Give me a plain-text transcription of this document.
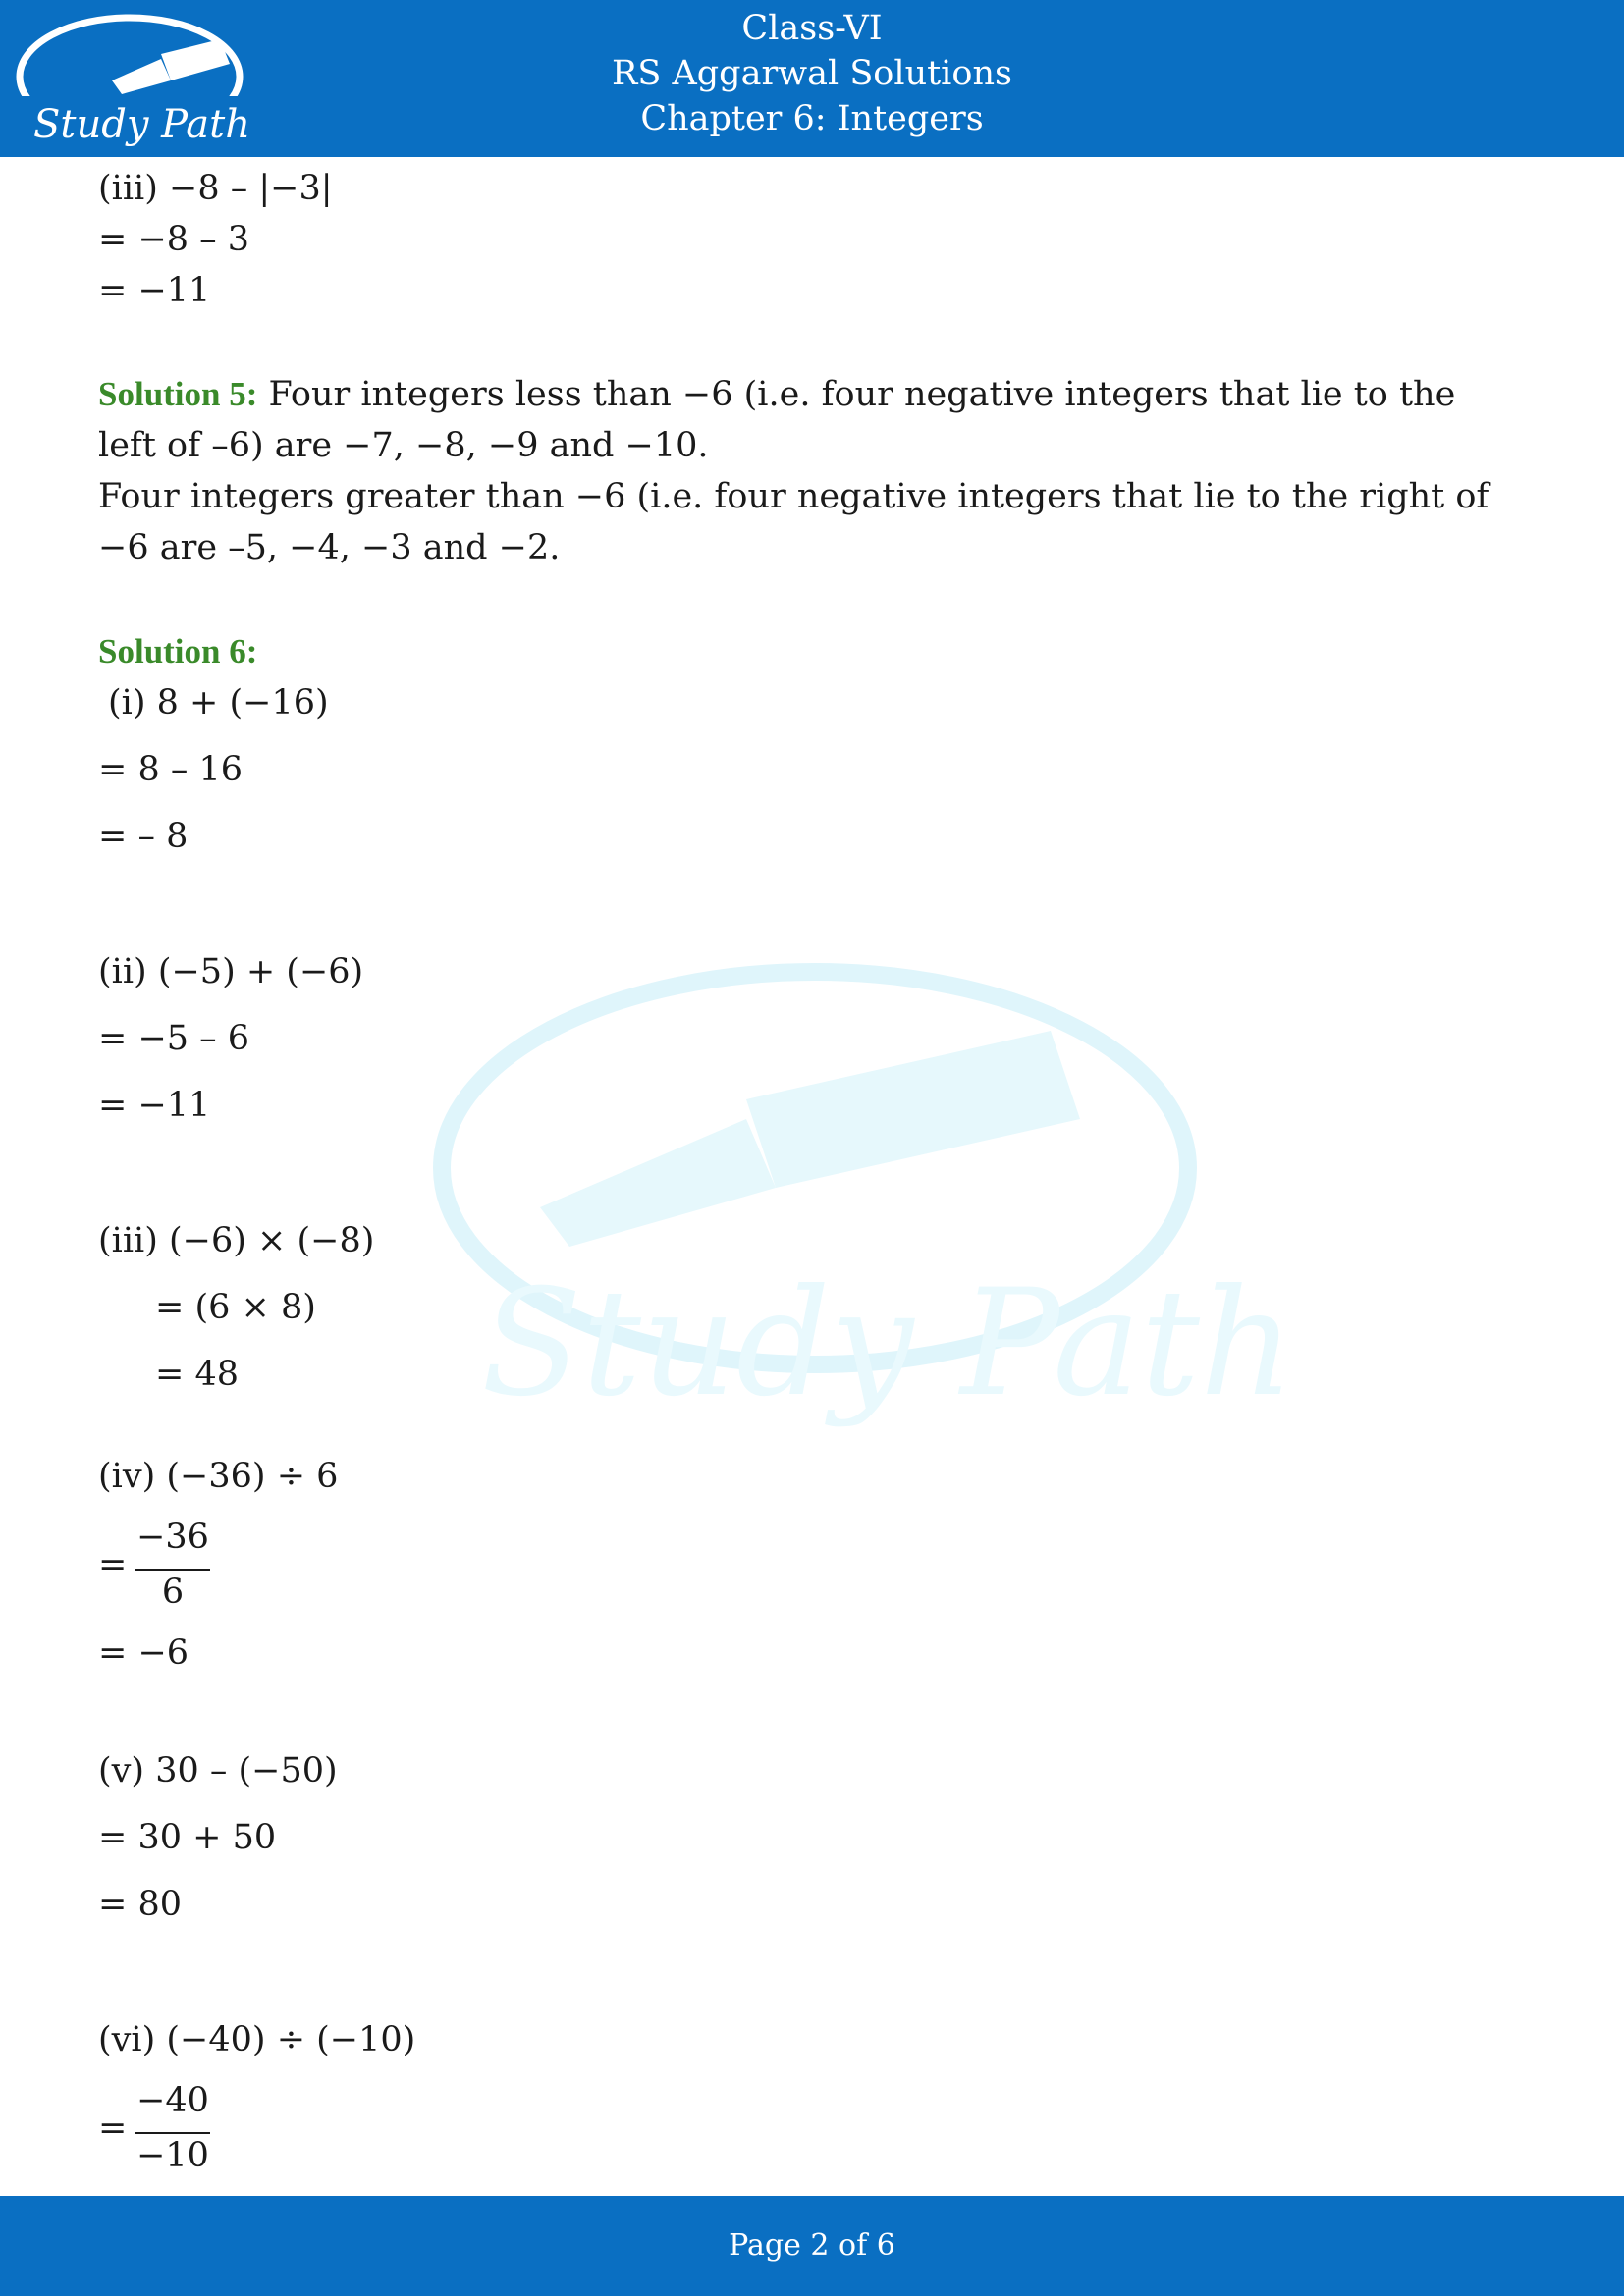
Study Path
Class-VI
RS Aggarwal Solutions
Chapter 6: Integers
Study Path
(iii) −8 – |−3|
= −8 – 3
= −11
Solution 5: Four integers less than −6 (i.e. four negative integers that lie to the left of –6) are −7, −8, −9 and −10.
Four integers greater than −6 (i.e. four negative integers that lie to the right of −6 are –5, −4, −3 and −2.
Solution 6:
(i) 8 + (−16)
= 8 – 16
= – 8
(ii) (−5) + (−6)
= −5 – 6
= −11
(iii) (−6) × (−8)
= (6 × 8)
= 48
(iv) (−36) ÷ 6
=
−36
6
= −6
(v) 30 – (−50)
= 30 + 50
= 80
(vi) (−40) ÷ (−10)
=
−40
−10
Page 2 of 6
